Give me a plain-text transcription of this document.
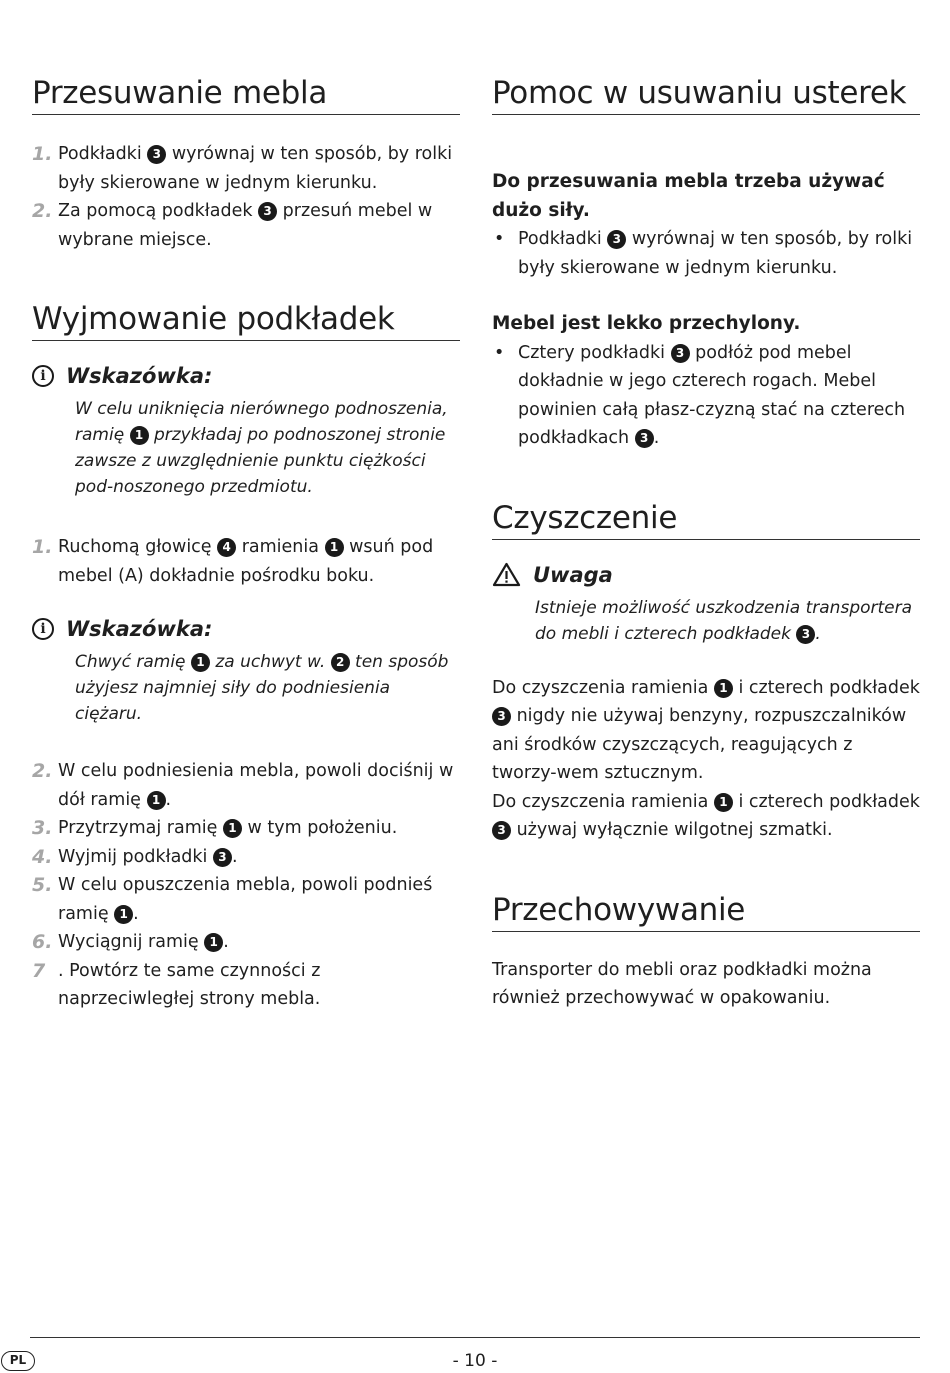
Przesuwanie mebla
1. Podkładki 3 wyrównaj w ten sposób, by rolki były skierowane w jednym kierunku.
2. Za pomocą podkładek 3 przesuń mebel w wybrane miejsce.
Wyjmowanie podkładek
i Wskazówka:
W celu uniknięcia nierównego podnoszenia, ramię 1 przykładaj po podnoszonej stronie zawsze z uwzględnienie punktu ciężkości pod-noszonego przedmiotu.
1. Ruchomą głowicę 4 ramienia 1 wsuń pod mebel (A) dokładnie pośrodku boku.
i Wskazówka:
Chwyć ramię 1 za uchwyt w. 2 ten sposób użyjesz najmniej siły do podniesienia ciężaru.
2. W celu podniesienia mebla, powoli dociśnij w dół ramię 1 .
3. Przytrzymaj ramię 1 w tym położeniu.
4. Wyjmij podkładki 3 .
5. W celu opuszczenia mebla, powoli podnieś ramię 1 .
6. Wyciągnij ramię 1 .
7 . Powtórz te same czynności z naprzeciwległej strony mebla.
Pomoc w usuwaniu usterek
Do przesuwania mebla trzeba używać dużo siły.
• Podkładki 3 wyrównaj w ten sposób, by rolki były skierowane w jednym kierunku.
Mebel jest lekko przechylony.
• Cztery podkładki 3 podłóż pod mebel dokładnie w jego czterech rogach. Mebel powinien całą płasz-czyzną stać na czterech podkładkach 3 .
Czyszczenie
Uwaga
Istnieje możliwość uszkodzenia transportera do mebli i czterech podkładek 3 .

Do czyszczenia ramienia 1 i czterech podkładek 3 nigdy nie używaj benzyny, rozpuszczalników ani środków czyszczących, reagujących z tworzy-wem sztucznym.

Do czyszczenia ramienia 1 i czterech podkładek 3 używaj wyłącznie wilgotnej szmatki.

Przechowywanie

Transporter do mebli oraz podkładki można również przechowywać w opakowaniu.

PL	- 10 -
